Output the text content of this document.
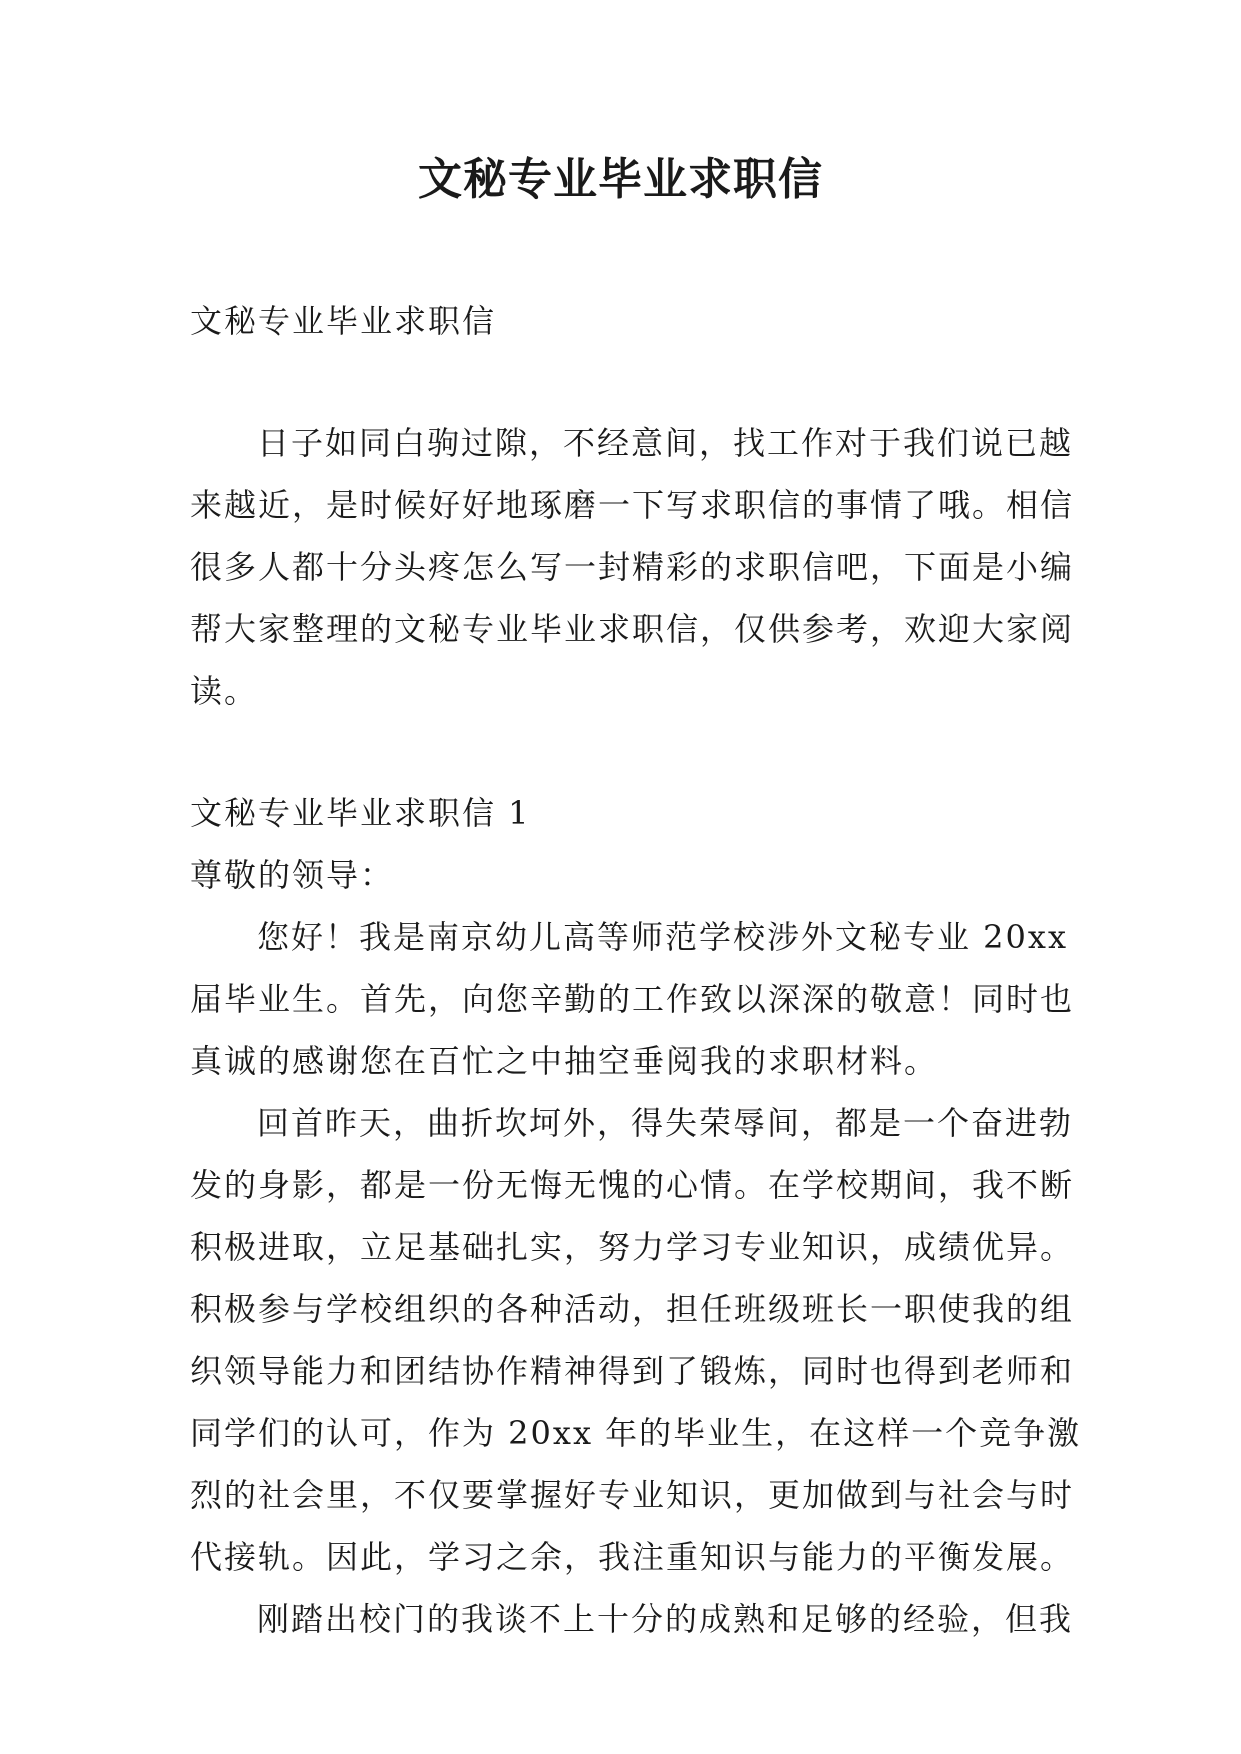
文秘专业毕业求职信
文秘专业毕业求职信
日子如同白驹过隙，不经意间，找工作对于我们说已越
来越近，是时候好好地琢磨一下写求职信的事情了哦。相信
很多人都十分头疼怎么写一封精彩的求职信吧，下面是小编
帮大家整理的文秘专业毕业求职信，仅供参考，欢迎大家阅
读。
文秘专业毕业求职信 1
尊敬的领导：
您好！我是南京幼儿高等师范学校涉外文秘专业 20xx
届毕业生。首先，向您辛勤的工作致以深深的敬意！同时也
真诚的感谢您在百忙之中抽空垂阅我的求职材料。
回首昨天，曲折坎坷外，得失荣辱间，都是一个奋进勃
发的身影，都是一份无悔无愧的心情。在学校期间，我不断
积极进取，立足基础扎实，努力学习专业知识，成绩优异。
积极参与学校组织的各种活动，担任班级班长一职使我的组
织领导能力和团结协作精神得到了锻炼，同时也得到老师和
同学们的认可，作为 20xx 年的毕业生，在这样一个竞争激
烈的社会里，不仅要掌握好专业知识，更加做到与社会与时
代接轨。因此，学习之余，我注重知识与能力的平衡发展。
刚踏出校门的我谈不上十分的成熟和足够的经验，但我
